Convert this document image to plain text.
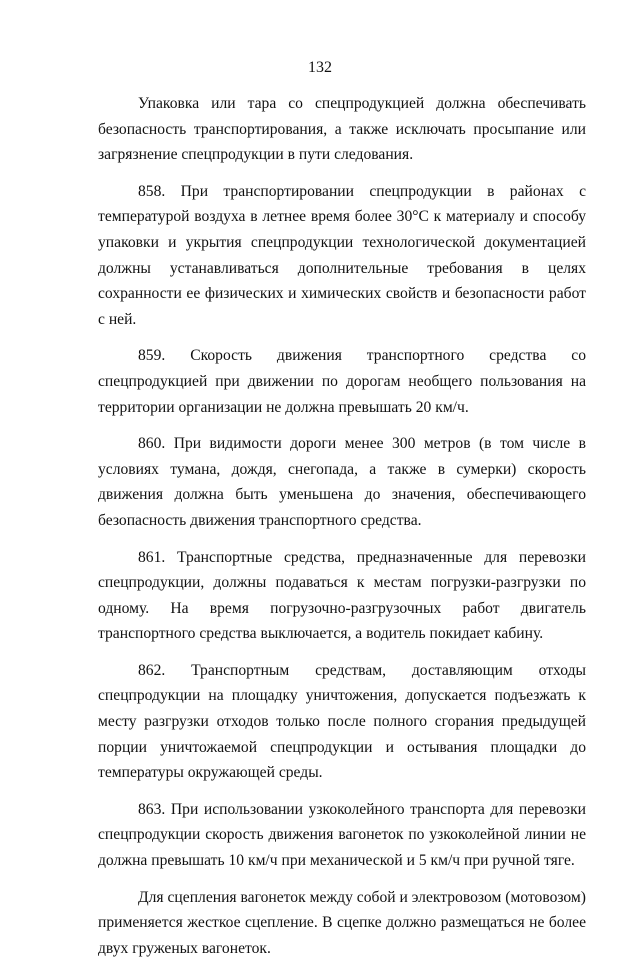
132

Упаковка или тара со спецпродукцией должна обеспечивать безопасность транспортирования, а также исключать просыпание или загрязнение спецпродукции в пути следования.

858. При транспортировании спецпродукции в районах с температурой воздуха в летнее время более 30°С к материалу и способу упаковки и укрытия спецпродукции технологической документацией должны устанавливаться дополнительные требования в целях сохранности ее физических и химических свойств и безопасности работ с ней.

859. Скорость движения транспортного средства со спецпродукцией при движении по дорогам необщего пользования на территории организации не должна превышать 20 км/ч.

860. При видимости дороги менее 300 метров (в том числе в условиях тумана, дождя, снегопада, а также в сумерки) скорость движения должна быть уменьшена до значения, обеспечивающего безопасность движения транспортного средства.

861. Транспортные средства, предназначенные для перевозки спецпродукции, должны подаваться к местам погрузки-разгрузки по одному. На время погрузочно-разгрузочных работ двигатель транспортного средства выключается, а водитель покидает кабину.

862. Транспортным средствам, доставляющим отходы спецпродукции на площадку уничтожения, допускается подъезжать к месту разгрузки отходов только после полного сгорания предыдущей порции уничтожаемой спецпродукции и остывания площадки до температуры окружающей среды.

863. При использовании узкоколейного транспорта для перевозки спецпродукции скорость движения вагонеток по узкоколейной линии не должна превышать 10 км/ч при механической и 5 км/ч при ручной тяге.

Для сцепления вагонеток между собой и электровозом (мотовозом) применяется жесткое сцепление. В сцепке должно размещаться не более двух груженых вагонеток.
